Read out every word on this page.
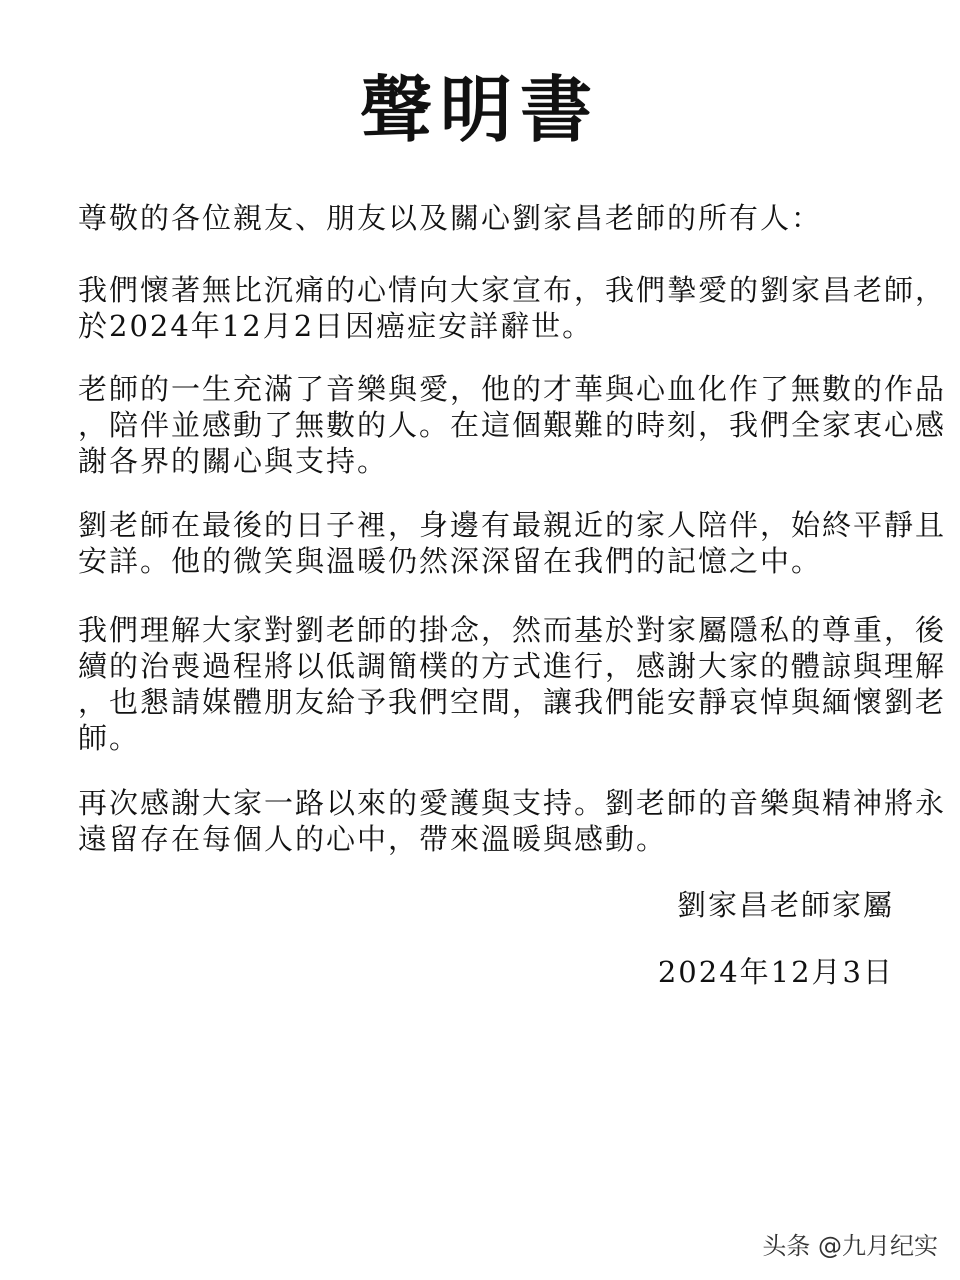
聲明書

尊敬的各位親友、朋友以及關心劉家昌老師的所有人：

我們懷著無比沉痛的心情向大家宣布，我們摯愛的劉家昌老師，
於2024年12月2日因癌症安詳辭世。

老師的一生充滿了音樂與愛，他的才華與心血化作了無數的作品
，陪伴並感動了無數的人。在這個艱難的時刻，我們全家衷心感
謝各界的關心與支持。

劉老師在最後的日子裡，身邊有最親近的家人陪伴，始終平靜且
安詳。他的微笑與溫暖仍然深深留在我們的記憶之中。

我們理解大家對劉老師的掛念，然而基於對家屬隱私的尊重，後
續的治喪過程將以低調簡樸的方式進行，感謝大家的體諒與理解
，也懇請媒體朋友給予我們空間，讓我們能安靜哀悼與緬懷劉老
師。

再次感謝大家一路以來的愛護與支持。劉老師的音樂與精神將永
遠留存在每個人的心中，帶來溫暖與感動。

劉家昌老師家屬
2024年12月3日
头条 @九月纪实
